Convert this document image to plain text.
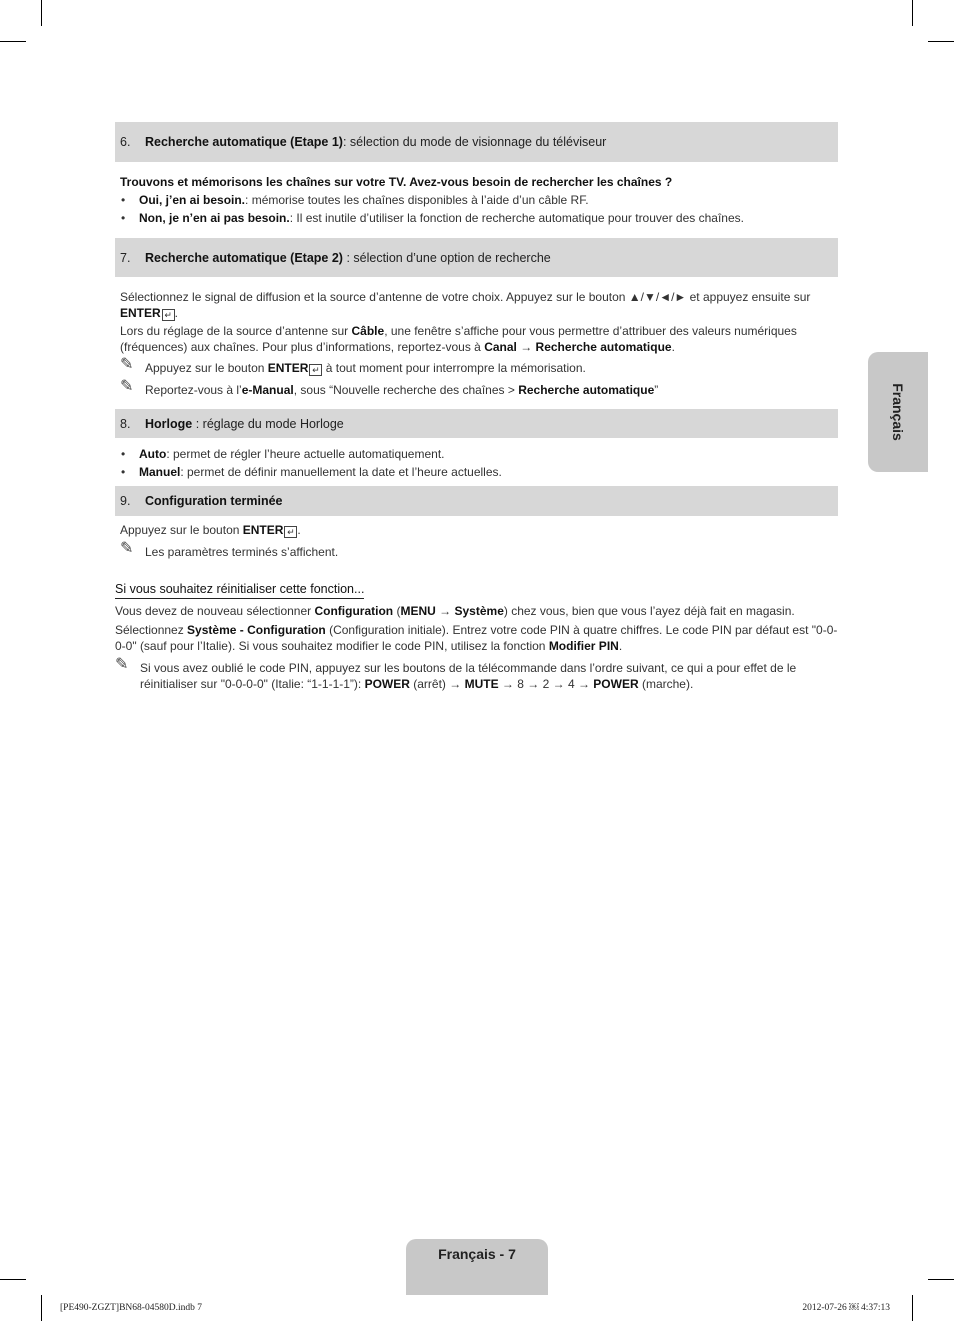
6.	Recherche automatique (Etape 1): sélection du mode de visionnage du téléviseur

Trouvons et mémorisons les chaînes sur votre TV. Avez-vous besoin de rechercher les chaînes ?

• Oui, j’en ai besoin.: mémorise toutes les chaînes disponibles à l’aide d’un câble RF.

• Non, je n’en ai pas besoin.: Il est inutile d’utiliser la fonction de recherche automatique pour trouver des chaînes.

7.	Recherche automatique (Etape 2) : sélection d’une option de recherche

Sélectionnez le signal de diffusion et la source d’antenne de votre choix. Appuyez sur le bouton ▲/▼/◄/► et appuyez ensuite sur
ENTER ↵ .

Lors du réglage de la source d’antenne sur Câble, une fenêtre s’affiche pour vous permettre d’attribuer des valeurs numériques (fréquences) aux chaînes. Pour plus d’informations, reportez-vous à Canal → Recherche automatique.

✎ Appuyez sur le bouton ENTER ↵ à tout moment pour interrompre la mémorisation.

✎ Reportez-vous à l’e-Manual, sous “Nouvelle recherche des chaînes > Recherche automatique”

8.	Horloge : réglage du mode Horloge

• Auto: permet de régler l’heure actuelle automatiquement.

• Manuel: permet de définir manuellement la date et l’heure actuelles.

9.	Configuration terminée

Appuyez sur le bouton ENTER ↵ .

✎ Les paramètres terminés s’affichent.

Si vous souhaitez réinitialiser cette fonction...

Vous devez de nouveau sélectionner Configuration (MENU → Système) chez vous, bien que vous l’ayez déjà fait en magasin.

Sélectionnez Système - Configuration (Configuration initiale). Entrez votre code PIN à quatre chiffres. Le code PIN par défaut est "0-0-0-0" (sauf pour l’Italie). Si vous souhaitez modifier le code PIN, utilisez la fonction Modifier PIN.

✎ Si vous avez oublié le code PIN, appuyez sur les boutons de la télécommande dans l’ordre suivant, ce qui a pour effet de le réinitialiser sur "0-0-0-0" (Italie: “1-1-1-1”): POWER (arrêt) → MUTE → 8 → 2 → 4 → POWER (marche).

Français
Français - 7
[PE490-ZGZT]BN68-04580D.indb 7	2012-07-26 ￼ 4:37:13
